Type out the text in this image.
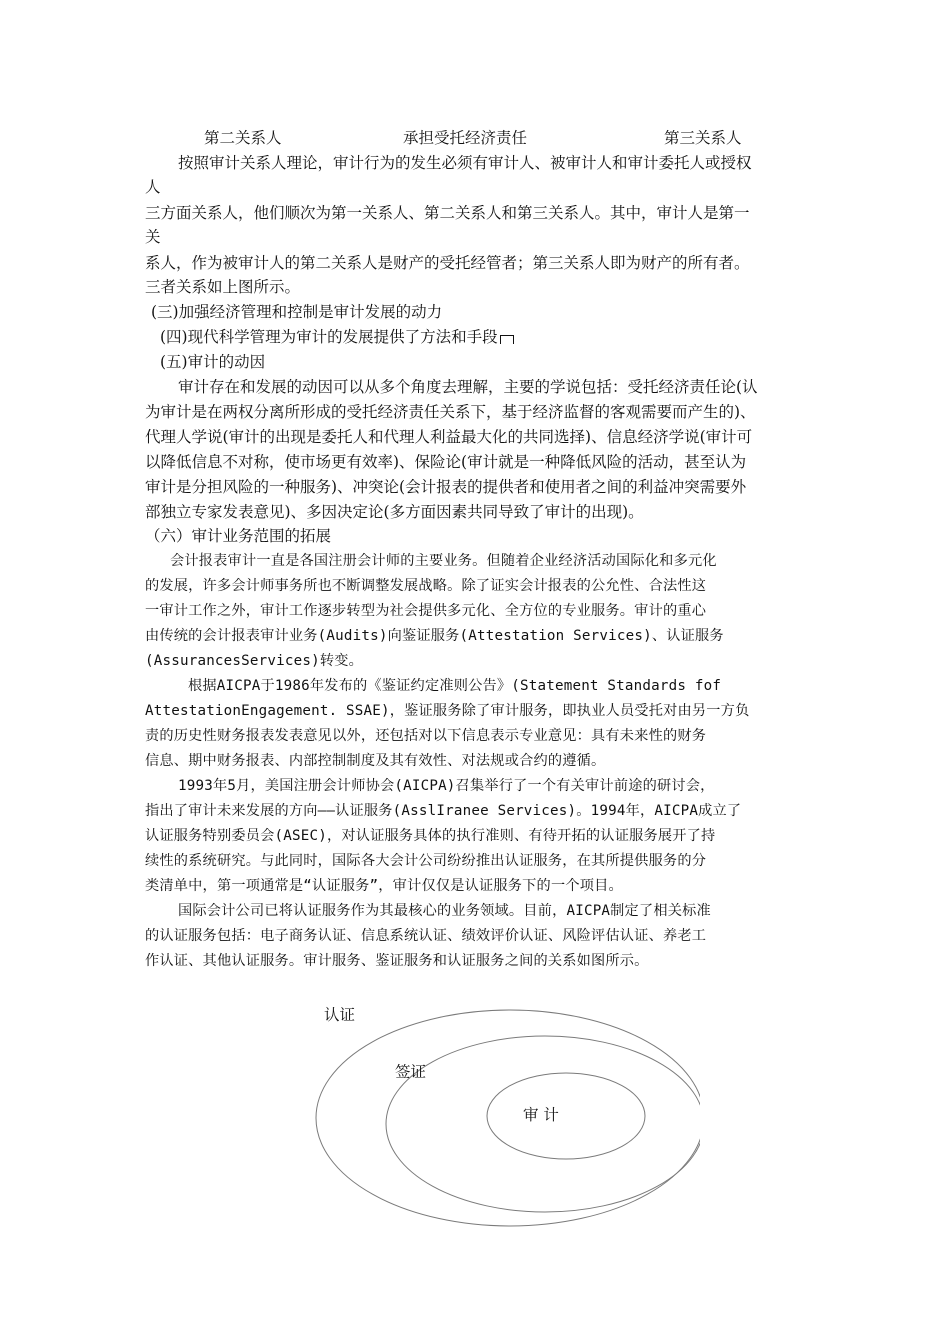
第二关系人	承担受托经济责任	第三关系人
按照审计关系人理论，审计行为的发生必须有审计人、被审计人和审计委托人或授权
人
三方面关系人，他们顺次为第一关系人、第二关系人和第三关系人。其中，审计人是第一
关
系人，作为被审计人的第二关系人是财产的受托经管者；第三关系人即为财产的所有者。
三者关系如上图所示。
(三)加强经济管理和控制是审计发展的动力
(四)现代科学管理为审计的发展提供了方法和手段
(五)审计的动因
审计存在和发展的动因可以从多个角度去理解，主要的学说包括：受托经济责任论(认
为审计是在两权分离所形成的受托经济责任关系下，基于经济监督的客观需要而产生的)、
代理人学说(审计的出现是委托人和代理人利益最大化的共同选择)、信息经济学说(审计可
以降低信息不对称，使市场更有效率)、保险论(审计就是一种降低风险的活动，甚至认为
审计是分担风险的一种服务)、冲突论(会计报表的提供者和使用者之间的利益冲突需要外
部独立专家发表意见)、多因决定论(多方面因素共同导致了审计的出现)。
（六）审计业务范围的拓展
会计报表审计一直是各国注册会计师的主要业务。但随着企业经济活动国际化和多元化
的发展，许多会计师事务所也不断调整发展战略。除了证实会计报表的公允性、合法性这
一审计工作之外，审计工作逐步转型为社会提供多元化、全方位的专业服务。审计的重心
由传统的会计报表审计业务(Audits)向鉴证服务(Attestation Services)、认证服务
(AssurancesServices)转变。
根据AICPA于1986年发布的《鉴证约定准则公告》(Statement Standards fof
AttestationEngagement. SSAE)，鉴证服务除了审计服务，即执业人员受托对由另一方负
责的历史性财务报表发表意见以外，还包括对以下信息表示专业意见：具有未来性的财务
信息、期中财务报表、内部控制制度及其有效性、对法规或合约的遵循。
1993年5月，美国注册会计师协会(AICPA)召集举行了一个有关审计前途的研讨会，
指出了审计未来发展的方向——认证服务(AsslIranee Services)。1994年，AICPA成立了
认证服务特别委员会(ASEC)，对认证服务具体的执行准则、有待开拓的认证服务展开了持
续性的系统研究。与此同时，国际各大会计公司纷纷推出认证服务，在其所提供服务的分
类清单中，第一项通常是“认证服务”，审计仅仅是认证服务下的一个项目。
国际会计公司已将认证服务作为其最核心的业务领域。目前，AICPA制定了相关标准
的认证服务包括：电子商务认证、信息系统认证、绩效评价认证、风险评估认证、养老工
作认证、其他认证服务。审计服务、鉴证服务和认证服务之间的关系如图所示。
认证
签证
审 计
